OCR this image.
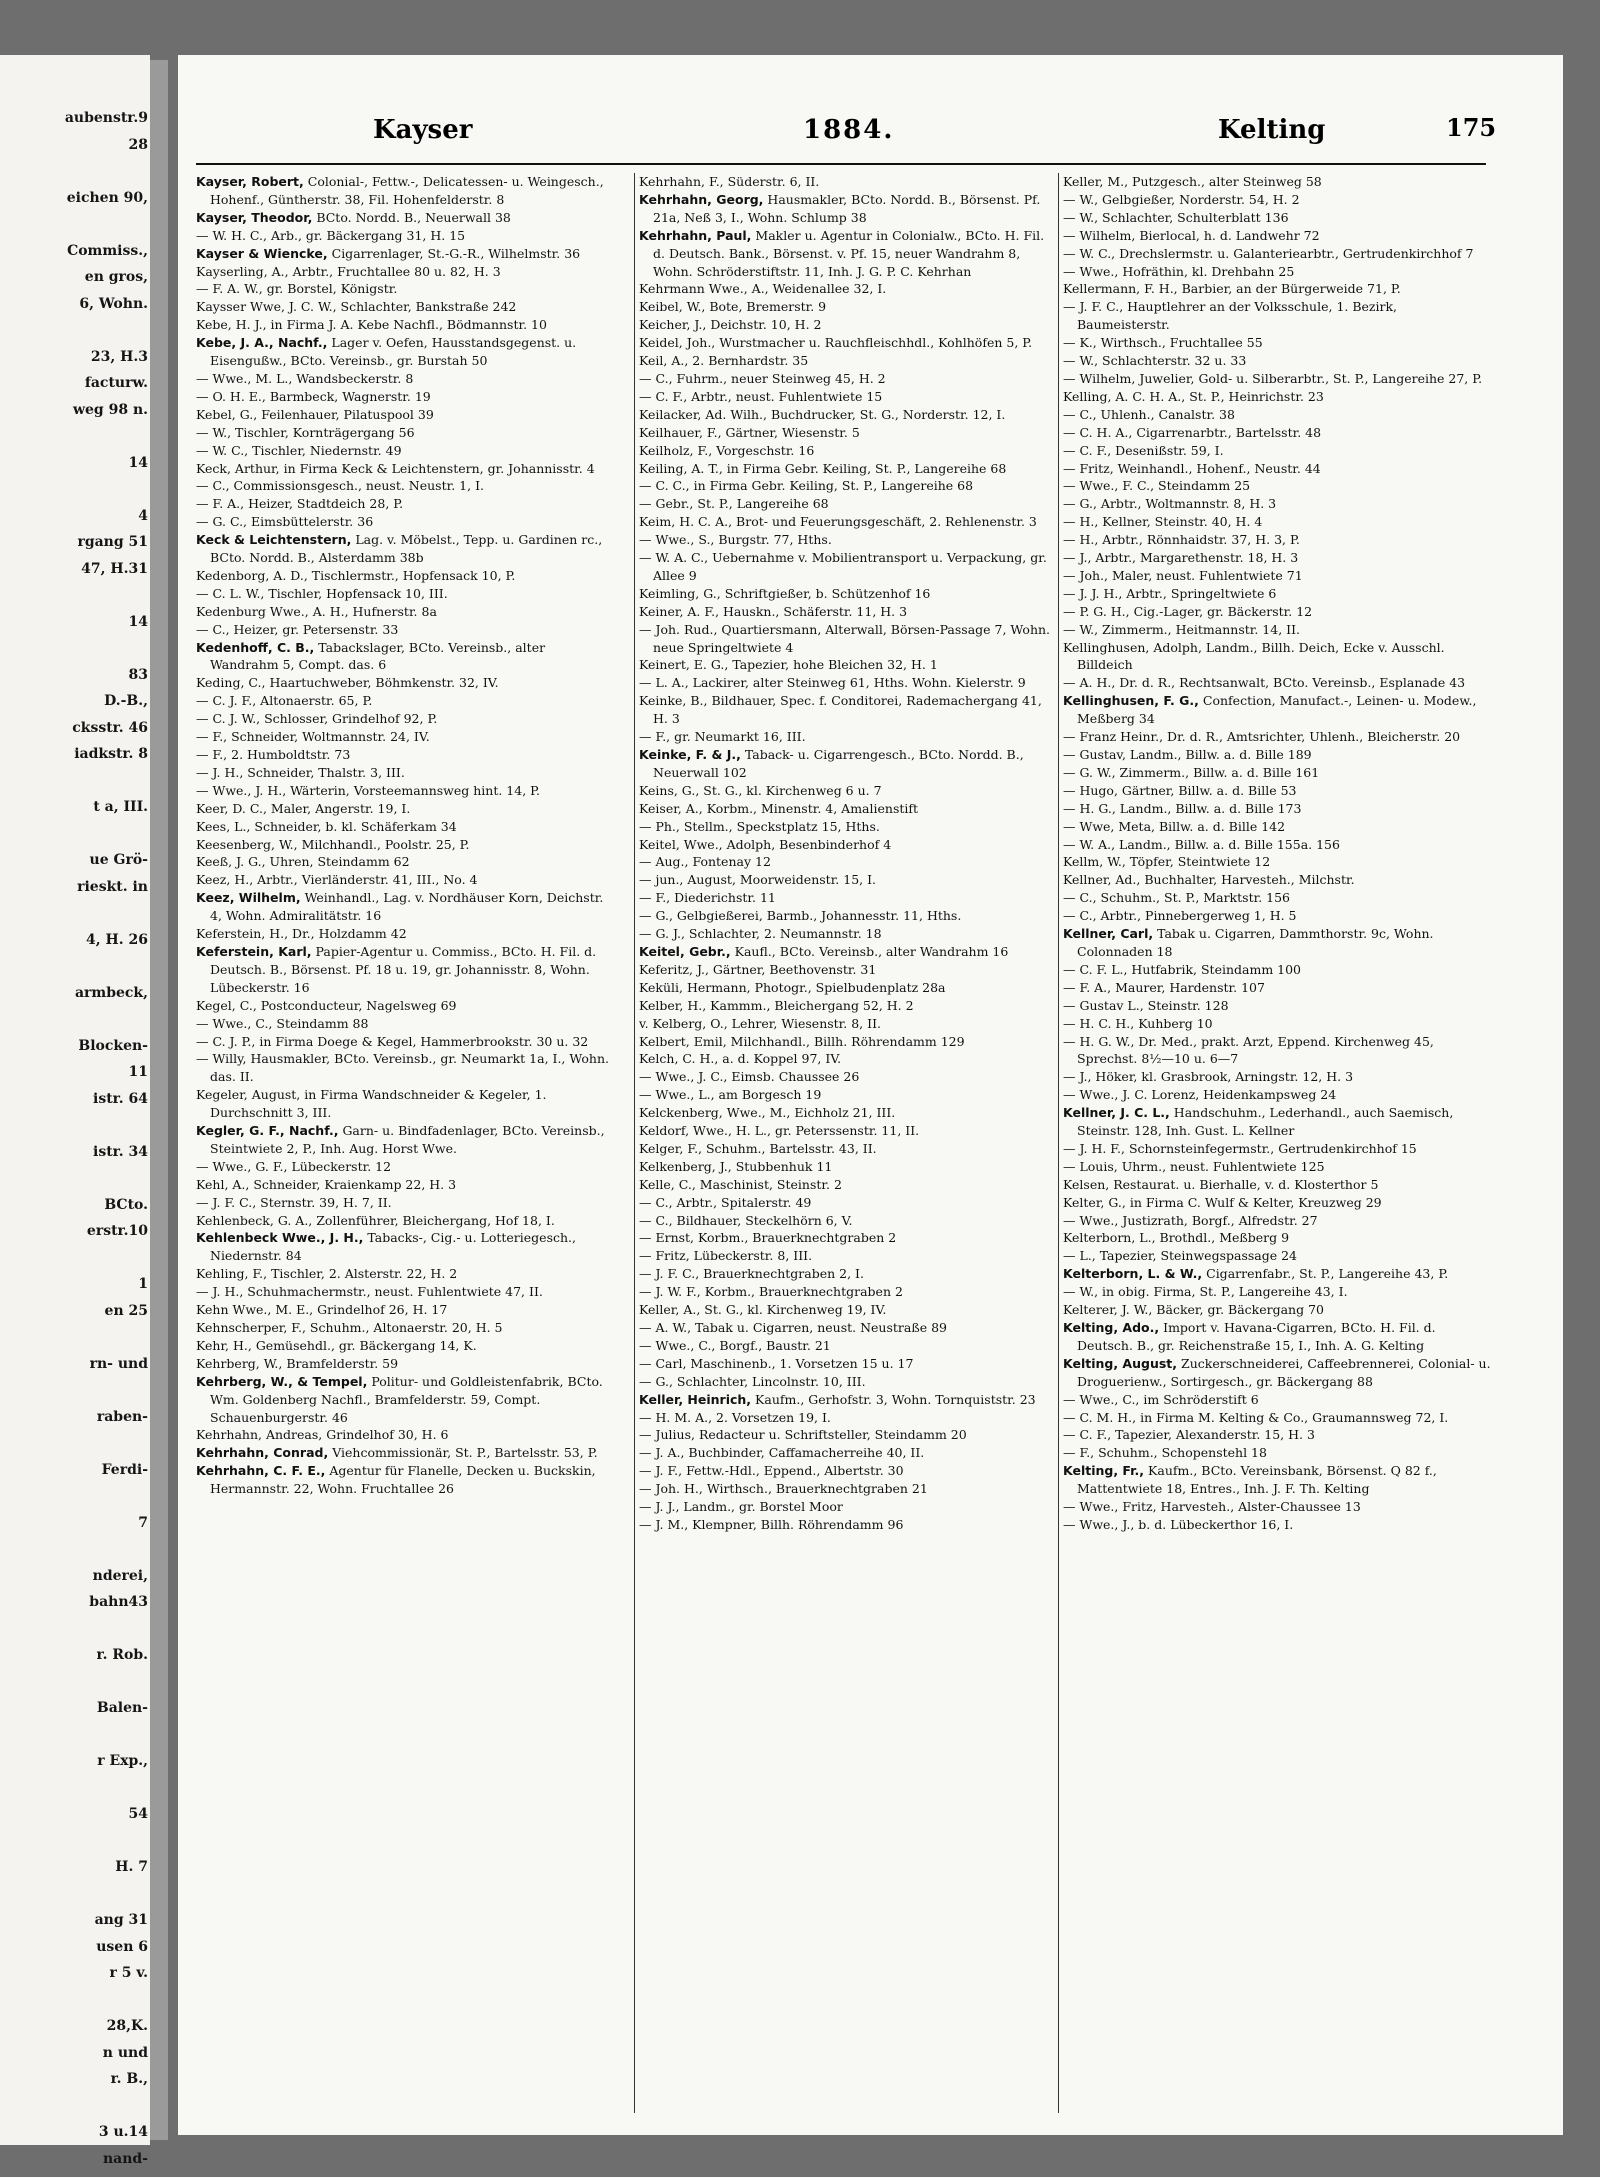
aubenstr.9
28
eichen 90,
Commiss.,
en gros,
6, Wohn.
23, H.3
facturw.
weg 98 n.
14
4
rgang 51
47, H.31
14
83
D.-B.,
cksstr. 46
iadkstr. 8
t a, III.
ue Grö-
rieskt. in
4, H. 26
armbeck,
Blocken-
11
istr. 64
istr. 34
BCto.
erstr.10
1
en 25
rn- und
raben-
Ferdi-
7
nderei,
bahn43
r. Rob.
Balen-
r Exp.,
54
H. 7
ang 31
usen 6
r 5 v.
28,K.
n und
r. B.,
3 u.14
nand-
Kayser	1884.	Kelting	175

Kayser, Robert, Colonial-, Fettw.-, Delicatessen- u. Weingesch., Hohenf., Güntherstr. 38, Fil. Hohenfelderstr. 8

Kayser, Theodor, BCto. Nordd. B., Neuerwall 38

— W. H. C., Arb., gr. Bäckergang 31, H. 15

Kayser & Wiencke, Cigarrenlager, St.-G.-R., Wilhelmstr. 36

Kayserling, A., Arbtr., Fruchtallee 80 u. 82, H. 3

— F. A. W., gr. Borstel, Königstr.

Kaysser Wwe, J. C. W., Schlachter, Bankstraße 242

Kebe, H. J., in Firma J. A. Kebe Nachfl., Bödmannstr. 10

Kebe, J. A., Nachf., Lager v. Oefen, Hausstandsgegenst. u. Eisengußw., BCto. Vereinsb., gr. Burstah 50

— Wwe., M. L., Wandsbeckerstr. 8

— O. H. E., Barmbeck, Wagnerstr. 19

Kebel, G., Feilenhauer, Pilatuspool 39

— W., Tischler, Kornträgergang 56

— W. C., Tischler, Niedernstr. 49

Keck, Arthur, in Firma Keck & Leichtenstern, gr. Johannisstr. 4

— C., Commissionsgesch., neust. Neustr. 1, I.

— F. A., Heizer, Stadtdeich 28, P.

— G. C., Eimsbüttelerstr. 36

Keck & Leichtenstern, Lag. v. Möbelst., Tepp. u. Gardinen rc., BCto. Nordd. B., Alsterdamm 38b

Kedenborg, A. D., Tischlermstr., Hopfensack 10, P.

— C. L. W., Tischler, Hopfensack 10, III.

Kedenburg Wwe., A. H., Hufnerstr. 8a

— C., Heizer, gr. Petersenstr. 33

Kedenhoff, C. B., Tabackslager, BCto. Vereinsb., alter Wandrahm 5, Compt. das. 6

Keding, C., Haartuchweber, Böhmkenstr. 32, IV.

— C. J. F., Altonaerstr. 65, P.

— C. J. W., Schlosser, Grindelhof 92, P.

— F., Schneider, Woltmannstr. 24, IV.

— F., 2. Humboldtstr. 73

— J. H., Schneider, Thalstr. 3, III.

— Wwe., J. H., Wärterin, Vorsteemannsweg hint. 14, P.

Keer, D. C., Maler, Angerstr. 19, I.

Kees, L., Schneider, b. kl. Schäferkam 34

Keesenberg, W., Milchhandl., Poolstr. 25, P.

Keeß, J. G., Uhren, Steindamm 62

Keez, H., Arbtr., Vierländerstr. 41, III., No. 4

Keez, Wilhelm, Weinhandl., Lag. v. Nordhäuser Korn, Deichstr. 4, Wohn. Admiralitätstr. 16

Keferstein, H., Dr., Holzdamm 42

Keferstein, Karl, Papier-Agentur u. Commiss., BCto. H. Fil. d. Deutsch. B., Börsenst. Pf. 18 u. 19, gr. Johannisstr. 8, Wohn. Lübeckerstr. 16

Kegel, C., Postconducteur, Nagelsweg 69

— Wwe., C., Steindamm 88

— C. J. P., in Firma Doege & Kegel, Hammerbrookstr. 30 u. 32

— Willy, Hausmakler, BCto. Vereinsb., gr. Neumarkt 1a, I., Wohn. das. II.

Kegeler, August, in Firma Wandschneider & Kegeler, 1. Durchschnitt 3, III.

Kegler, G. F., Nachf., Garn- u. Bindfadenlager, BCto. Vereinsb., Steintwiete 2, P., Inh. Aug. Horst Wwe.

— Wwe., G. F., Lübeckerstr. 12

Kehl, A., Schneider, Kraienkamp 22, H. 3

— J. F. C., Sternstr. 39, H. 7, II.

Kehlenbeck, G. A., Zollenführer, Bleichergang, Hof 18, I.

Kehlenbeck Wwe., J. H., Tabacks-, Cig.- u. Lotteriegesch., Niedernstr. 84

Kehling, F., Tischler, 2. Alsterstr. 22, H. 2

— J. H., Schuhmachermstr., neust. Fuhlentwiete 47, II.

Kehn Wwe., M. E., Grindelhof 26, H. 17

Kehnscherper, F., Schuhm., Altonaerstr. 20, H. 5

Kehr, H., Gemüsehdl., gr. Bäckergang 14, K.

Kehrberg, W., Bramfelderstr. 59

Kehrberg, W., & Tempel, Politur- und Goldleistenfabrik, BCto. Wm. Goldenberg Nachfl., Bramfelderstr. 59, Compt. Schauenburgerstr. 46

Kehrhahn, Andreas, Grindelhof 30, H. 6

Kehrhahn, Conrad, Viehcommissionär, St. P., Bartelsstr. 53, P.

Kehrhahn, C. F. E., Agentur für Flanelle, Decken u. Buckskin, Hermannstr. 22, Wohn. Fruchtallee 26

Kehrhahn, F., Süderstr. 6, II.

Kehrhahn, Georg, Hausmakler, BCto. Nordd. B., Börsenst. Pf. 21a, Neß 3, I., Wohn. Schlump 38

Kehrhahn, Paul, Makler u. Agentur in Colonialw., BCto. H. Fil. d. Deutsch. Bank., Börsenst. v. Pf. 15, neuer Wandrahm 8, Wohn. Schröderstiftstr. 11, Inh. J. G. P. C. Kehrhan

Kehrmann Wwe., A., Weidenallee 32, I.

Keibel, W., Bote, Bremerstr. 9

Keicher, J., Deichstr. 10, H. 2

Keidel, Joh., Wurstmacher u. Rauchfleischhdl., Kohlhöfen 5, P.

Keil, A., 2. Bernhardstr. 35

— C., Fuhrm., neuer Steinweg 45, H. 2

— C. F., Arbtr., neust. Fuhlentwiete 15

Keilacker, Ad. Wilh., Buchdrucker, St. G., Norderstr. 12, I.

Keilhauer, F., Gärtner, Wiesenstr. 5

Keilholz, F., Vorgeschstr. 16

Keiling, A. T., in Firma Gebr. Keiling, St. P., Langereihe 68

— C. C., in Firma Gebr. Keiling, St. P., Langereihe 68

— Gebr., St. P., Langereihe 68

Keim, H. C. A., Brot- und Feuerungsgeschäft, 2. Rehlenenstr. 3

— Wwe., S., Burgstr. 77, Hths.

— W. A. C., Uebernahme v. Mobilientransport u. Verpackung, gr. Allee 9

Keimling, G., Schriftgießer, b. Schützenhof 16

Keiner, A. F., Hauskn., Schäferstr. 11, H. 3

— Joh. Rud., Quartiersmann, Alterwall, Börsen-Passage 7, Wohn. neue Springeltwiete 4

Keinert, E. G., Tapezier, hohe Bleichen 32, H. 1

— L. A., Lackirer, alter Steinweg 61, Hths. Wohn. Kielerstr. 9

Keinke, B., Bildhauer, Spec. f. Conditorei, Rademachergang 41, H. 3

— F., gr. Neumarkt 16, III.

Keinke, F. & J., Taback- u. Cigarrengesch., BCto. Nordd. B., Neuerwall 102

Keins, G., St. G., kl. Kirchenweg 6 u. 7

Keiser, A., Korbm., Minenstr. 4, Amalienstift

— Ph., Stellm., Speckstplatz 15, Hths.

Keitel, Wwe., Adolph, Besenbinderhof 4

— Aug., Fontenay 12

— jun., August, Moorweidenstr. 15, I.

— F., Diederichstr. 11

— G., Gelbgießerei, Barmb., Johannesstr. 11, Hths.

— G. J., Schlachter, 2. Neumannstr. 18

Keitel, Gebr., Kaufl., BCto. Vereinsb., alter Wandrahm 16

Keferitz, J., Gärtner, Beethovenstr. 31

Keküli, Hermann, Photogr., Spielbudenplatz 28a

Kelber, H., Kammm., Bleichergang 52, H. 2

v. Kelberg, O., Lehrer, Wiesenstr. 8, II.

Kelbert, Emil, Milchhandl., Billh. Röhrendamm 129

Kelch, C. H., a. d. Koppel 97, IV.

— Wwe., J. C., Eimsb. Chaussee 26

— Wwe., L., am Borgesch 19

Kelckenberg, Wwe., M., Eichholz 21, III.

Keldorf, Wwe., H. L., gr. Peterssenstr. 11, II.

Kelger, F., Schuhm., Bartelsstr. 43, II.

Kelkenberg, J., Stubbenhuk 11

Kelle, C., Maschinist, Steinstr. 2

— C., Arbtr., Spitalerstr. 49

— C., Bildhauer, Steckelhörn 6, V.

— Ernst, Korbm., Brauerknechtgraben 2

— Fritz, Lübeckerstr. 8, III.

— J. F. C., Brauerknechtgraben 2, I.

— J. W. F., Korbm., Brauerknechtgraben 2

Keller, A., St. G., kl. Kirchenweg 19, IV.

— A. W., Tabak u. Cigarren, neust. Neustraße 89

— Wwe., C., Borgf., Baustr. 21

— Carl, Maschinenb., 1. Vorsetzen 15 u. 17

— G., Schlachter, Lincolnstr. 10, III.

Keller, Heinrich, Kaufm., Gerhofstr. 3, Wohn. Tornquiststr. 23

— H. M. A., 2. Vorsetzen 19, I.

— Julius, Redacteur u. Schriftsteller, Steindamm 20

— J. A., Buchbinder, Caffamacherreihe 40, II.

— J. F., Fettw.-Hdl., Eppend., Albertstr. 30

— Joh. H., Wirthsch., Brauerknechtgraben 21

— J. J., Landm., gr. Borstel Moor

— J. M., Klempner, Billh. Röhrendamm 96

Keller, M., Putzgesch., alter Steinweg 58

— W., Gelbgießer, Norderstr. 54, H. 2

— W., Schlachter, Schulterblatt 136

— Wilhelm, Bierlocal, h. d. Landwehr 72

— W. C., Drechslermstr. u. Galanteriearbtr., Gertrudenkirchhof 7

— Wwe., Hofräthin, kl. Drehbahn 25

Kellermann, F. H., Barbier, an der Bürgerweide 71, P.

— J. F. C., Hauptlehrer an der Volksschule, 1. Bezirk, Baumeisterstr.

— K., Wirthsch., Fruchtallee 55

— W., Schlachterstr. 32 u. 33

— Wilhelm, Juwelier, Gold- u. Silberarbtr., St. P., Langereihe 27, P.

Kelling, A. C. H. A., St. P., Heinrichstr. 23

— C., Uhlenh., Canalstr. 38

— C. H. A., Cigarrenarbtr., Bartelsstr. 48

— C. F., Desenißstr. 59, I.

— Fritz, Weinhandl., Hohenf., Neustr. 44

— Wwe., F. C., Steindamm 25

— G., Arbtr., Woltmannstr. 8, H. 3

— H., Kellner, Steinstr. 40, H. 4

— H., Arbtr., Rönnhaidstr. 37, H. 3, P.

— J., Arbtr., Margarethenstr. 18, H. 3

— Joh., Maler, neust. Fuhlentwiete 71

— J. J. H., Arbtr., Springeltwiete 6

— P. G. H., Cig.-Lager, gr. Bäckerstr. 12

— W., Zimmerm., Heitmannstr. 14, II.

Kellinghusen, Adolph, Landm., Billh. Deich, Ecke v. Ausschl. Billdeich

— A. H., Dr. d. R., Rechtsanwalt, BCto. Vereinsb., Esplanade 43

Kellinghusen, F. G., Confection, Manufact.-, Leinen- u. Modew., Meßberg 34

— Franz Heinr., Dr. d. R., Amtsrichter, Uhlenh., Bleicherstr. 20

— Gustav, Landm., Billw. a. d. Bille 189

— G. W., Zimmerm., Billw. a. d. Bille 161

— Hugo, Gärtner, Billw. a. d. Bille 53

— H. G., Landm., Billw. a. d. Bille 173

— Wwe, Meta, Billw. a. d. Bille 142

— W. A., Landm., Billw. a. d. Bille 155a. 156

Kellm, W., Töpfer, Steintwiete 12

Kellner, Ad., Buchhalter, Harvesteh., Milchstr.

— C., Schuhm., St. P., Marktstr. 156

— C., Arbtr., Pinnebergerweg 1, H. 5

Kellner, Carl, Tabak u. Cigarren, Dammthorstr. 9c, Wohn. Colonnaden 18

— C. F. L., Hutfabrik, Steindamm 100

— F. A., Maurer, Hardenstr. 107

— Gustav L., Steinstr. 128

— H. C. H., Kuhberg 10

— H. G. W., Dr. Med., prakt. Arzt, Eppend. Kirchenweg 45, Sprechst. 8½—10 u. 6—7

— J., Höker, kl. Grasbrook, Arningstr. 12, H. 3

— Wwe., J. C. Lorenz, Heidenkampsweg 24

Kellner, J. C. L., Handschuhm., Lederhandl., auch Saemisch, Steinstr. 128, Inh. Gust. L. Kellner

— J. H. F., Schornsteinfegermstr., Gertrudenkirchhof 15

— Louis, Uhrm., neust. Fuhlentwiete 125

Kelsen, Restaurat. u. Bierhalle, v. d. Klosterthor 5

Kelter, G., in Firma C. Wulf & Kelter, Kreuzweg 29

— Wwe., Justizrath, Borgf., Alfredstr. 27

Kelterborn, L., Brothdl., Meßberg 9

— L., Tapezier, Steinwegspassage 24

Kelterborn, L. & W., Cigarrenfabr., St. P., Langereihe 43, P.

— W., in obig. Firma, St. P., Langereihe 43, I.

Kelterer, J. W., Bäcker, gr. Bäckergang 70

Kelting, Ado., Import v. Havana-Cigarren, BCto. H. Fil. d. Deutsch. B., gr. Reichenstraße 15, I., Inh. A. G. Kelting

Kelting, August, Zuckerschneiderei, Caffeebrennerei, Colonial- u. Droguerienw., Sortirgesch., gr. Bäckergang 88

— Wwe., C., im Schröderstift 6

— C. M. H., in Firma M. Kelting & Co., Graumannsweg 72, I.

— C. F., Tapezier, Alexanderstr. 15, H. 3

— F., Schuhm., Schopenstehl 18

Kelting, Fr., Kaufm., BCto. Vereinsbank, Börsenst. Q 82 f., Mattentwiete 18, Entres., Inh. J. F. Th. Kelting

— Wwe., Fritz, Harvesteh., Alster-Chaussee 13

— Wwe., J., b. d. Lübeckerthor 16, I.
